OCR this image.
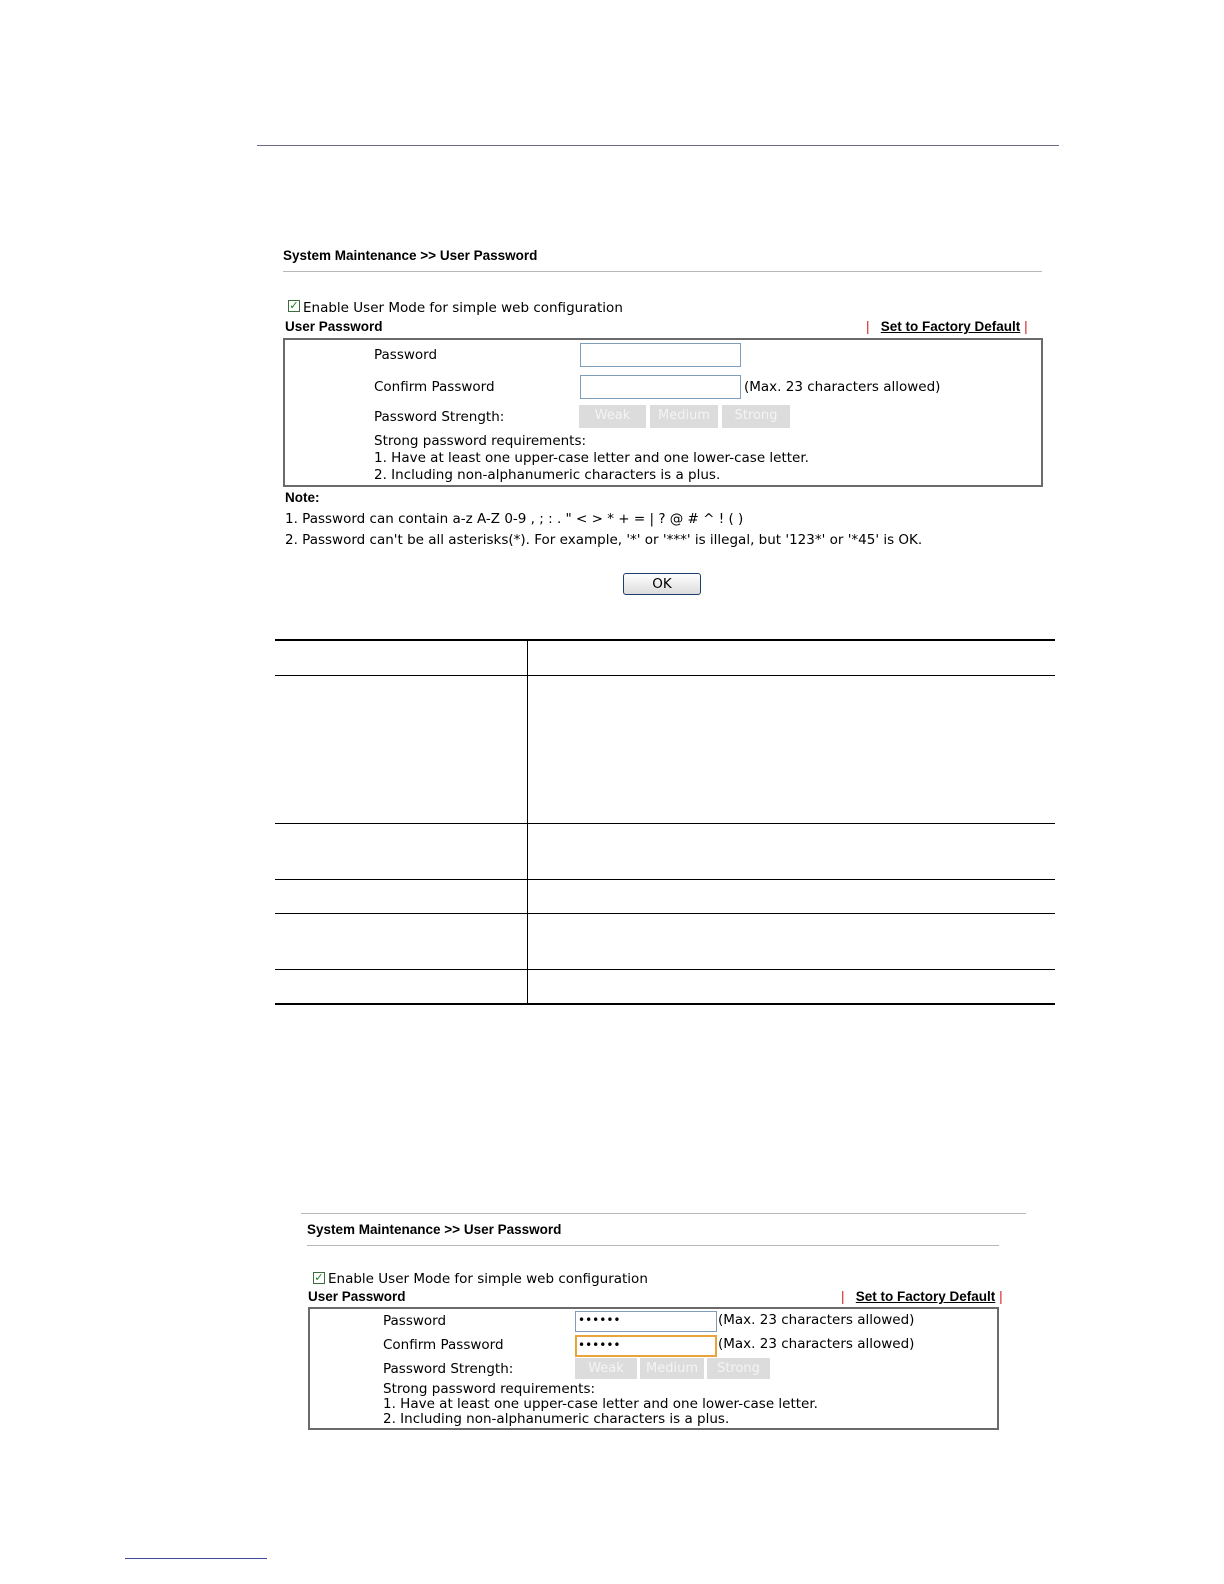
System Maintenance >> User Password
✓ Enable User Mode for simple web configuration
User Password	| Set to Factory Default |
Password
Confirm Password	(Max. 23 characters allowed)
Password Strength:	Weak	Medium	Strong
Strong password requirements:
1. Have at least one upper-case letter and one lower-case letter.
2. Including non-alphanumeric characters is a plus.
Note:
1. Password can contain a-z A-Z 0-9 , ; : . " < > * + = | ? @ # ^ ! ( )
2. Password can't be all asterisks(*). For example, '*' or '***' is illegal, but '123*' or '*45' is OK.
OK
System Maintenance >> User Password
✓ Enable User Mode for simple web configuration
User Password	| Set to Factory Default |
Password	••••••	(Max. 23 characters allowed)
Confirm Password	••••••	(Max. 23 characters allowed)
Password Strength:	Weak	Medium	Strong
Strong password requirements:
1. Have at least one upper-case letter and one lower-case letter.
2. Including non-alphanumeric characters is a plus.
